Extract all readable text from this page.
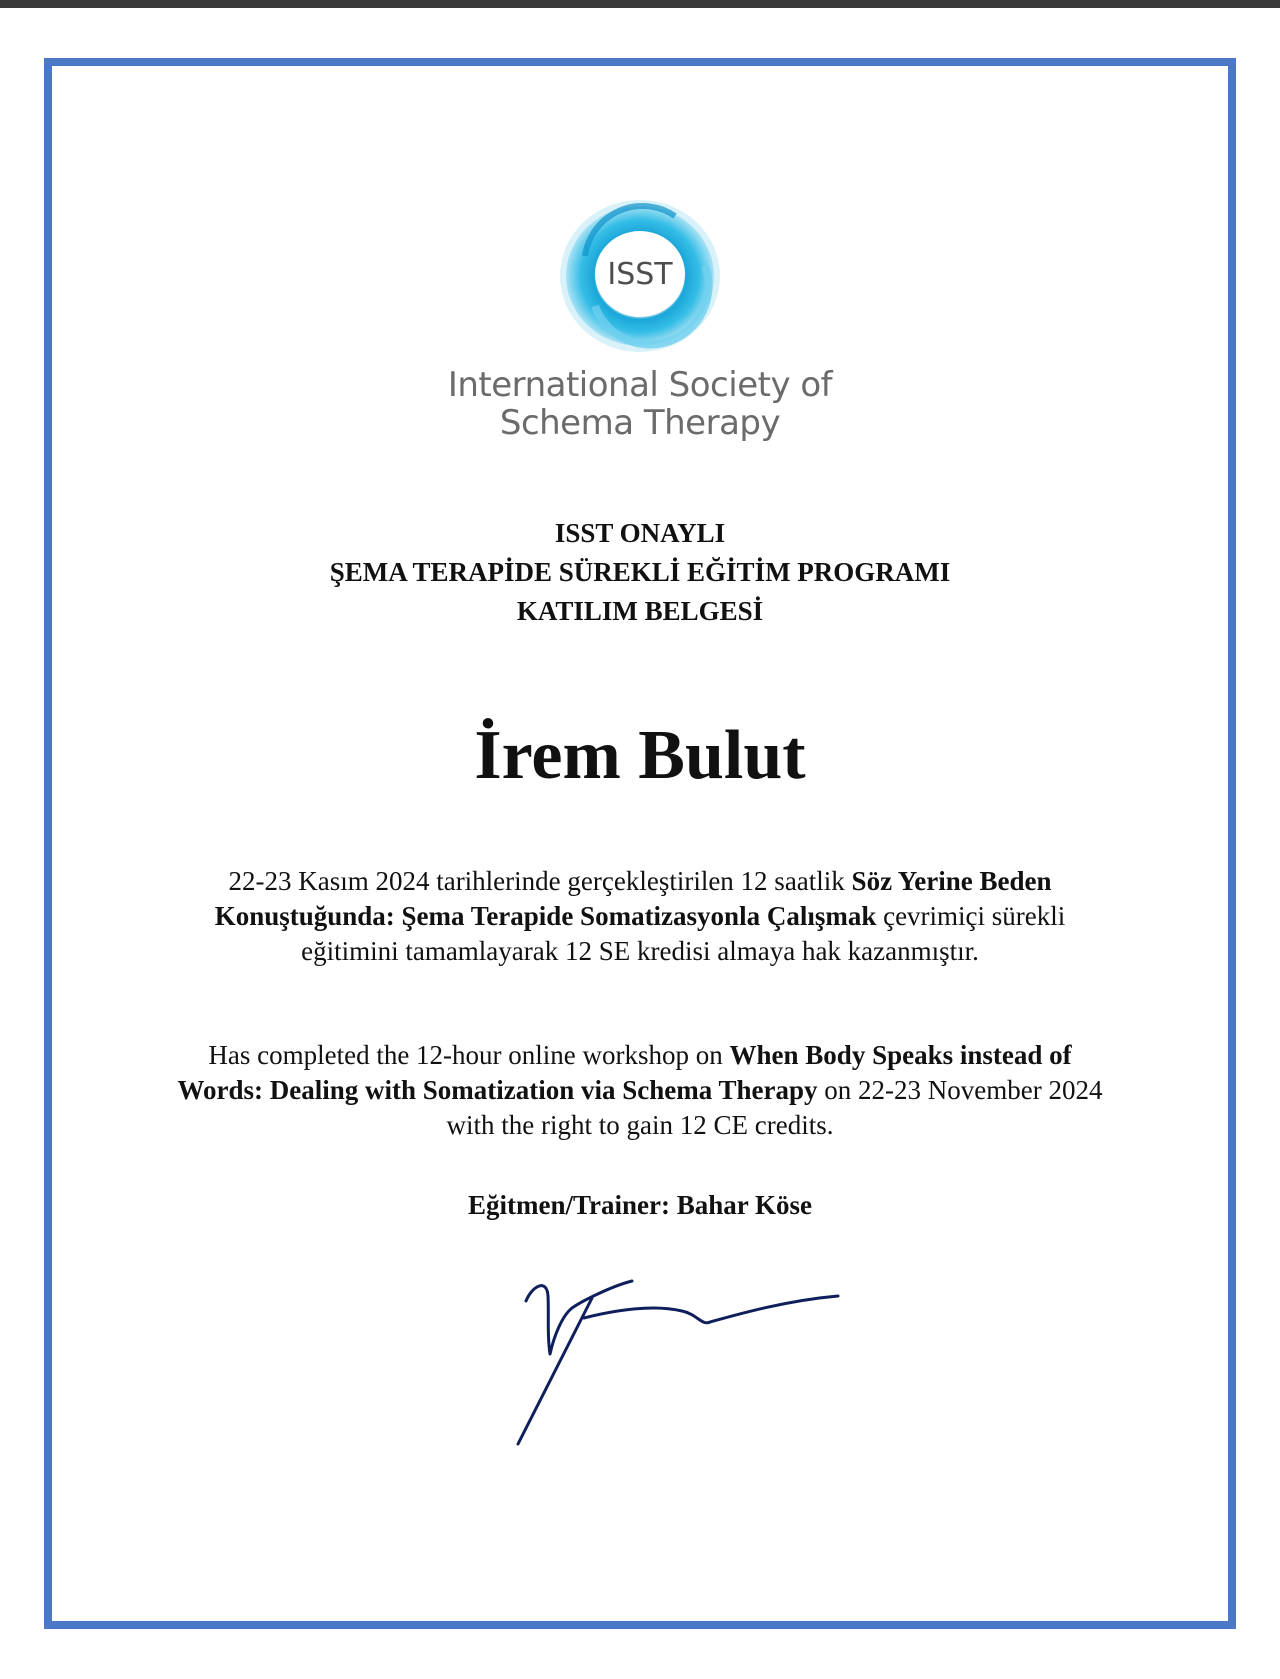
ISST
International Society of
Schema Therapy
ISST ONAYLI
ŞEMA TERAPİDE SÜREKLİ EĞİTİM PROGRAMI
KATILIM BELGESİ
İrem Bulut
22-23 Kasım 2024 tarihlerinde gerçekleştirilen 12 saatlik Söz Yerine Beden Konuştuğunda: Şema Terapide Somatizasyonla Çalışmak çevrimiçi sürekli eğitimini tamamlayarak 12 SE kredisi almaya hak kazanmıştır.
Has completed the 12-hour online workshop on When Body Speaks instead of Words: Dealing with Somatization via Schema Therapy on 22-23 November 2024 with the right to gain 12 CE credits.
Eğitmen/Trainer: Bahar Köse
